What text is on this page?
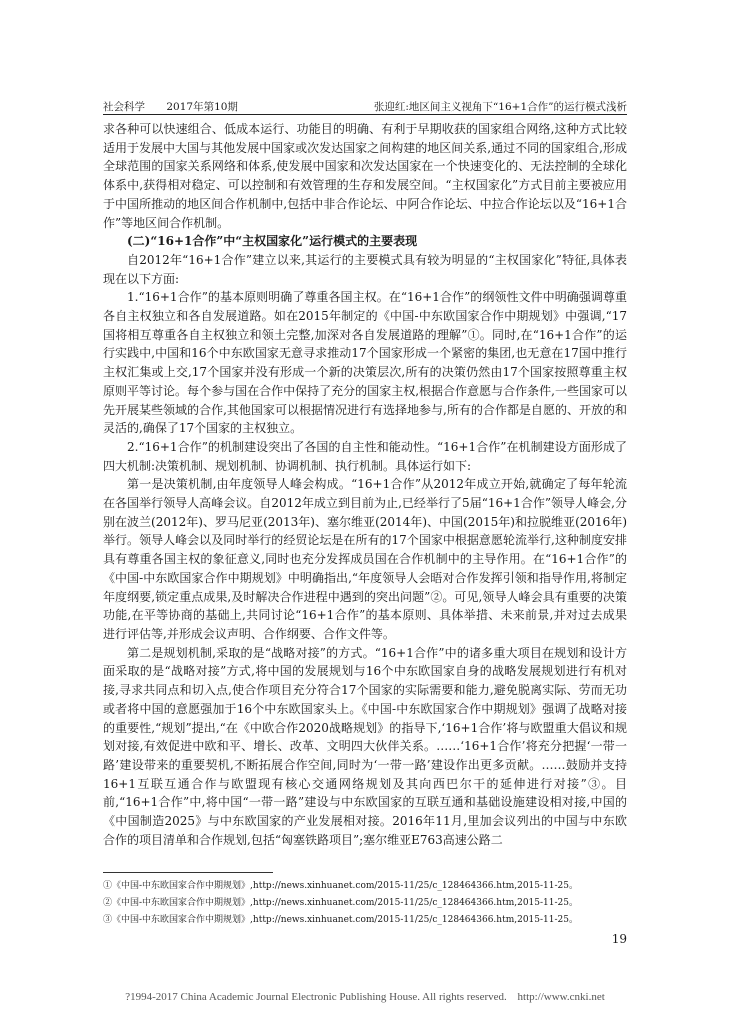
社会科学 2017年第10期	张迎红:地区间主义视角下“16+1合作”的运行模式浅析

求各种可以快速组合、低成本运行、功能目的明确、有利于早期收获的国家组合网络,这种方式比较适用于发展中大国与其他发展中国家或次发达国家之间构建的地区间关系,通过不同的国家组合,形成全球范围的国家关系网络和体系,使发展中国家和次发达国家在一个快速变化的、无法控制的全球化体系中,获得相对稳定、可以控制和有效管理的生存和发展空间。“主权国家化”方式目前主要被应用于中国所推动的地区间合作机制中,包括中非合作论坛、中阿合作论坛、中拉合作论坛以及“16+1合作”等地区间合作机制。

(二)“16+1合作”中“主权国家化”运行模式的主要表现

自2012年“16+1合作”建立以来,其运行的主要模式具有较为明显的“主权国家化”特征,具体表现在以下方面:

1.“16+1合作”的基本原则明确了尊重各国主权。在“16+1合作”的纲领性文件中明确强调尊重各自主权独立和各自发展道路。如在2015年制定的《中国-中东欧国家合作中期规划》中强调,“17国将相互尊重各自主权独立和领土完整,加深对各自发展道路的理解”①。同时,在“16+1合作”的运行实践中,中国和16个中东欧国家无意寻求推动17个国家形成一个紧密的集团,也无意在17国中推行主权汇集或上交,17个国家并没有形成一个新的决策层次,所有的决策仍然由17个国家按照尊重主权原则平等讨论。每个参与国在合作中保持了充分的国家主权,根据合作意愿与合作条件,一些国家可以先开展某些领域的合作,其他国家可以根据情况进行有选择地参与,所有的合作都是自愿的、开放的和灵活的,确保了17个国家的主权独立。

2.“16+1合作”的机制建设突出了各国的自主性和能动性。“16+1合作”在机制建设方面形成了四大机制:决策机制、规划机制、协调机制、执行机制。具体运行如下:

第一是决策机制,由年度领导人峰会构成。“16+1合作”从2012年成立开始,就确定了每年轮流在各国举行领导人高峰会议。自2012年成立到目前为止,已经举行了5届“16+1合作”领导人峰会,分别在波兰(2012年)、罗马尼亚(2013年)、塞尔维亚(2014年)、中国(2015年)和拉脱维亚(2016年)举行。领导人峰会以及同时举行的经贸论坛是在所有的17个国家中根据意愿轮流举行,这种制度安排具有尊重各国主权的象征意义,同时也充分发挥成员国在合作机制中的主导作用。在“16+1合作”的《中国-中东欧国家合作中期规划》中明确指出,“年度领导人会晤对合作发挥引领和指导作用,将制定年度纲要,锁定重点成果,及时解决合作进程中遇到的突出问题”②。可见,领导人峰会具有重要的决策功能,在平等协商的基础上,共同讨论“16+1合作”的基本原则、具体举措、未来前景,并对过去成果进行评估等,并形成会议声明、合作纲要、合作文件等。

第二是规划机制,采取的是“战略对接”的方式。“16+1合作”中的诸多重大项目在规划和设计方面采取的是“战略对接”方式,将中国的发展规划与16个中东欧国家自身的战略发展规划进行有机对接,寻求共同点和切入点,使合作项目充分符合17个国家的实际需要和能力,避免脱离实际、劳而无功或者将中国的意愿强加于16个中东欧国家头上。《中国-中东欧国家合作中期规划》强调了战略对接的重要性,“规划”提出,“在《中欧合作2020战略规划》的指导下,‘16+1合作’将与欧盟重大倡议和规划对接,有效促进中欧和平、增长、改革、文明四大伙伴关系。……‘16+1合作’将充分把握‘一带一路’建设带来的重要契机,不断拓展合作空间,同时为‘一带一路’建设作出更多贡献。……鼓励并支持16+1互联互通合作与欧盟现有核心交通网络规划及其向西巴尔干的延伸进行对接”③。目前,“16+1合作”中,将中国“一带一路”建设与中东欧国家的互联互通和基础设施建设相对接,中国的《中国制造2025》与中东欧国家的产业发展相对接。2016年11月,里加会议列出的中国与中东欧合作的项目清单和合作规划,包括“匈塞铁路项目”;塞尔维亚E763高速公路二

①《中国-中东欧国家合作中期规划》,http://news.xinhuanet.com/2015-11/25/c_128464366.htm,2015-11-25。
②《中国-中东欧国家合作中期规划》,http://news.xinhuanet.com/2015-11/25/c_128464366.htm,2015-11-25。
③《中国-中东欧国家合作中期规划》,http://news.xinhuanet.com/2015-11/25/c_128464366.htm,2015-11-25。
19
?1994-2017 China Academic Journal Electronic Publishing House. All rights reserved. http://www.cnki.net
